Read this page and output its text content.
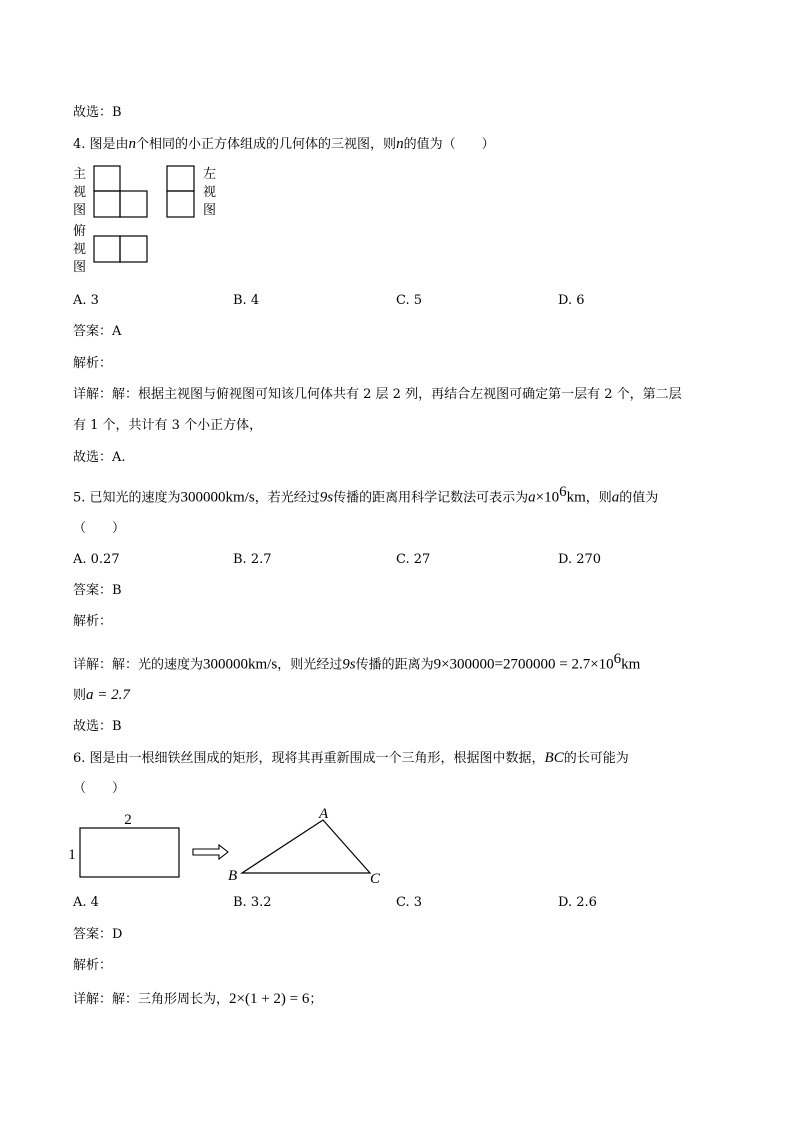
故选：B
4. 图是由n个相同的小正方体组成的几何体的三视图，则n的值为（　　）
主
视
图
左
视
图
俯
视
图
A. 3	B. 4	C. 5	D. 6
答案：A
解析：
详解：解：根据主视图与俯视图可知该几何体共有 2 层 2 列，再结合左视图可确定第一层有 2 个，第二层
有 1 个，共计有 3 个小正方体，
故选：A.
5. 已知光的速度为300000km/s，若光经过9s传播的距离用科学记数法可表示为$a\times 10^6km$，则a的值为
（　　）
A. 0.27	B. 2.7	C. 27	D. 270
答案：B
解析：
详解：解：光的速度为300000km/s，则光经过9s传播的距离为$9\times 300000=2700000 = 2.7\times 10^6km$
则a = 2.7
故选：B
6. 图是由一根细铁丝围成的矩形，现将其再重新围成一个三角形，根据图中数据，BC的长可能为
（　　）
2
1
A
B	C
A. 4	B. 3.2	C. 3	D. 2.6
答案：D
解析：
详解：解：三角形周长为，2×(1 + 2) = 6；
